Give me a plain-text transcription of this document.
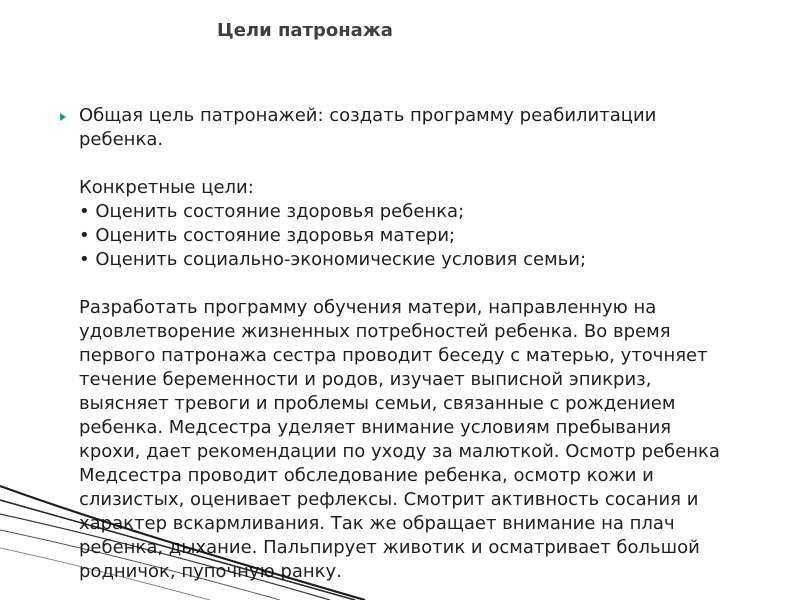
Цели патронажа
Общая цель патронажей: создать программу реабилитации
ребенка.
Конкретные цели:
• Оценить состояние здоровья ребенка;
• Оценить состояние здоровья матери;
• Оценить социально-экономические условия семьи;
Разработать программу обучения матери, направленную на
удовлетворение жизненных потребностей ребенка. Во время
первого патронажа сестра проводит беседу с матерью, уточняет
течение беременности и родов, изучает выписной эпикриз,
выясняет тревоги и проблемы семьи, связанные с рождением
ребенка. Медсестра уделяет внимание условиям пребывания
крохи, дает рекомендации по уходу за малюткой. Осмотр ребенка
Медсестра проводит обследование ребенка, осмотр кожи и
слизистых, оценивает рефлексы. Смотрит активность сосания и
характер вскармливания. Так же обращает внимание на плач
ребенка, дыхание. Пальпирует животик и осматривает большой
родничок, пупочную ранку.
